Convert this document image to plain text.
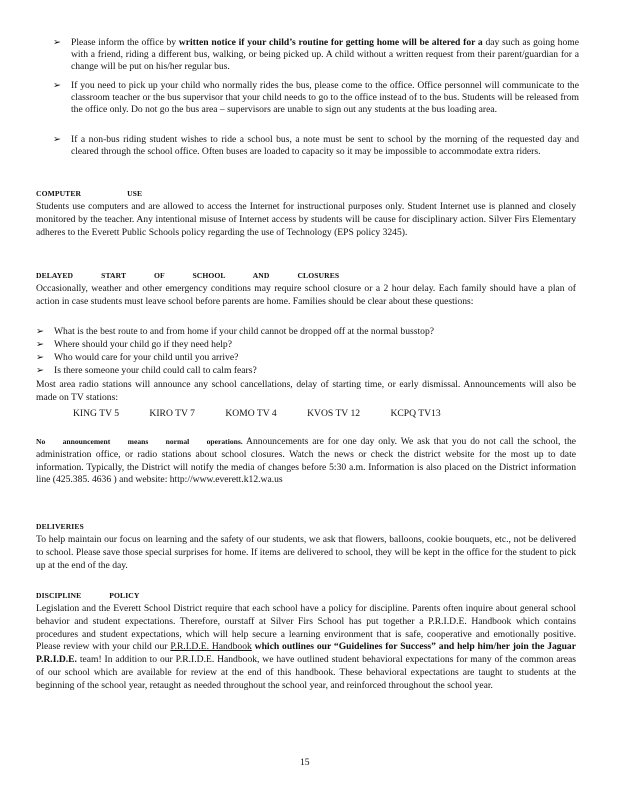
➢	Please inform the office by written notice if your child’s routine for getting home will be altered for a day such as going home with a friend, riding a different bus, walking, or being picked up. A child without a written request from their parent/guardian for a change will be put on his/her regular bus.
➢	If you need to pick up your child who normally rides the bus, please come to the office. Office personnel will communicate to the classroom teacher or the bus supervisor that your child needs to go to the office instead of to the bus. Students will be released from the office only. Do not go the bus area – supervisors are unable to sign out any students at the bus loading area.
➢	If a non-bus riding student wishes to ride a school bus, a note must be sent to school by the morning of the requested day and cleared through the school office. Often buses are loaded to capacity so it may be impossible to accommodate extra riders.
COMPUTER USE

Students use computers and are allowed to access the Internet for instructional purposes only. Student Internet use is planned and closely monitored by the teacher. Any intentional misuse of Internet access by students will be cause for disciplinary action. Silver Firs Elementary adheres to the Everett Public Schools policy regarding the use of Technology (EPS policy 3245).

DELAYED START OF SCHOOL AND CLOSURES

Occasionally, weather and other emergency conditions may require school closure or a 2 hour delay. Each family should have a plan of action in case students must leave school before parents are home. Families should be clear about these questions:

➢	What is the best route to and from home if your child cannot be dropped off at the normal busstop?
➢	Where should your child go if they need help?
➢	Who would care for your child until you arrive?
➢	Is there someone your child could call to calm fears?

Most area radio stations will announce any school cancellations, delay of starting time, or early dismissal. Announcements will also be made on TV stations:

KING TV 5	KIRO TV 7	KOMO TV 4	KVOS TV 12	KCPQ TV13

No announcement means normal operations. Announcements are for one day only. We ask that you do not call the school, the administration office, or radio stations about school closures. Watch the news or check the district website for the most up to date information. Typically, the District will notify the media of changes before 5:30 a.m. Information is also placed on the District information line (425.385. 4636 ) and website: http://www.everett.k12.wa.us

DELIVERIES

To help maintain our focus on learning and the safety of our students, we ask that flowers, balloons, cookie bouquets, etc., not be delivered to school. Please save those special surprises for home. If items are delivered to school, they will be kept in the office for the student to pick up at the end of the day.

DISCIPLINE POLICY

Legislation and the Everett School District require that each school have a policy for discipline. Parents often inquire about general school behavior and student expectations. Therefore, ourstaff at Silver Firs School has put together a P.R.I.D.E. Handbook which contains procedures and student expectations, which will help secure a learning environment that is safe, cooperative and emotionally positive. Please review with your child our P.R.I.D.E. Handbook which outlines our “Guidelines for Success” and help him/her join the Jaguar P.R.I.D.E. team! In addition to our P.R.I.D.E. Handbook, we have outlined student behavioral expectations for many of the common areas of our school which are available for review at the end of this handbook. These behavioral expectations are taught to students at the beginning of the school year, retaught as needed throughout the school year, and reinforced throughout the school year.

15
